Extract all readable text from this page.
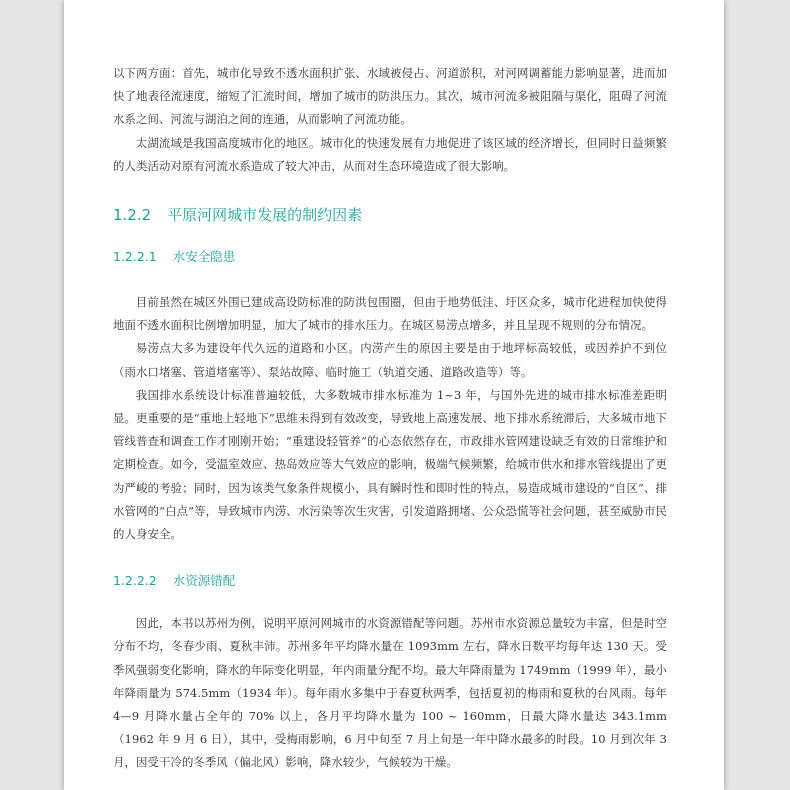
以下两方面：首先，城市化导致不透水面积扩张、水域被侵占、河道淤积，对河网调蓄能力影响显著，进而加快了地表径流速度，缩短了汇流时间，增加了城市的防洪压力。其次，城市河流多被阻隔与渠化，阻碍了河流水系之间、河流与湖泊之间的连通，从而影响了河流功能。

太湖流域是我国高度城市化的地区。城市化的快速发展有力地促进了该区域的经济增长，但同时日益频繁的人类活动对原有河流水系造成了较大冲击，从而对生态环境造成了很大影响。

1.2.2 平原河网城市发展的制约因素
1.2.2.1 水安全隐患

目前虽然在城区外围已建成高设防标准的防洪包围圈，但由于地势低洼、圩区众多，城市化进程加快使得地面不透水面积比例增加明显，加大了城市的排水压力。在城区易涝点增多，并且呈现不规则的分布情况。

易涝点大多为建设年代久远的道路和小区。内涝产生的原因主要是由于地坪标高较低，或因养护不到位（雨水口堵塞、管道堵塞等）、泵站故障、临时施工（轨道交通、道路改造等）等。

我国排水系统设计标准普遍较低，大多数城市排水标准为 1~3 年，与国外先进的城市排水标准差距明显。更重要的是“重地上轻地下”思维未得到有效改变，导致地上高速发展、地下排水系统滞后，大多城市地下管线普查和调查工作才刚刚开始；“重建设轻管养”的心态依然存在，市政排水管网建设缺乏有效的日常维护和定期检查。如今，受温室效应、热岛效应等大气效应的影响，极端气候频繁，给城市供水和排水管线提出了更为严峻的考验；同时，因为该类气象条件规模小，具有瞬时性和即时性的特点，易造成城市建设的“自区”、排水管网的“白点”等，导致城市内涝、水污染等次生灾害，引发道路拥堵、公众恐慌等社会问题，甚至威胁市民的人身安全。

1.2.2.2 水资源错配

因此，本书以苏州为例，说明平原河网城市的水资源错配等问题。苏州市水资源总量较为丰富，但是时空分布不均，冬春少雨、夏秋丰沛。苏州多年平均降水量在 1093mm 左右，降水日数平均每年达 130 天。受季风强弱变化影响，降水的年际变化明显，年内雨量分配不均。最大年降雨量为 1749mm（1999 年），最小年降雨量为 574.5mm（1934 年）。每年雨水多集中于春夏秋两季，包括夏初的梅雨和夏秋的台风雨。每年 4—9 月降水量占全年的 70% 以上，各月平均降水量为 100 ~ 160mm，日最大降水量达 343.1mm（1962 年 9 月 6 日），其中，受梅雨影响，6 月中旬至 7 月上旬是一年中降水最多的时段。10 月到次年 3 月，因受干冷的冬季风（偏北风）影响，降水较少，气候较为干燥。
